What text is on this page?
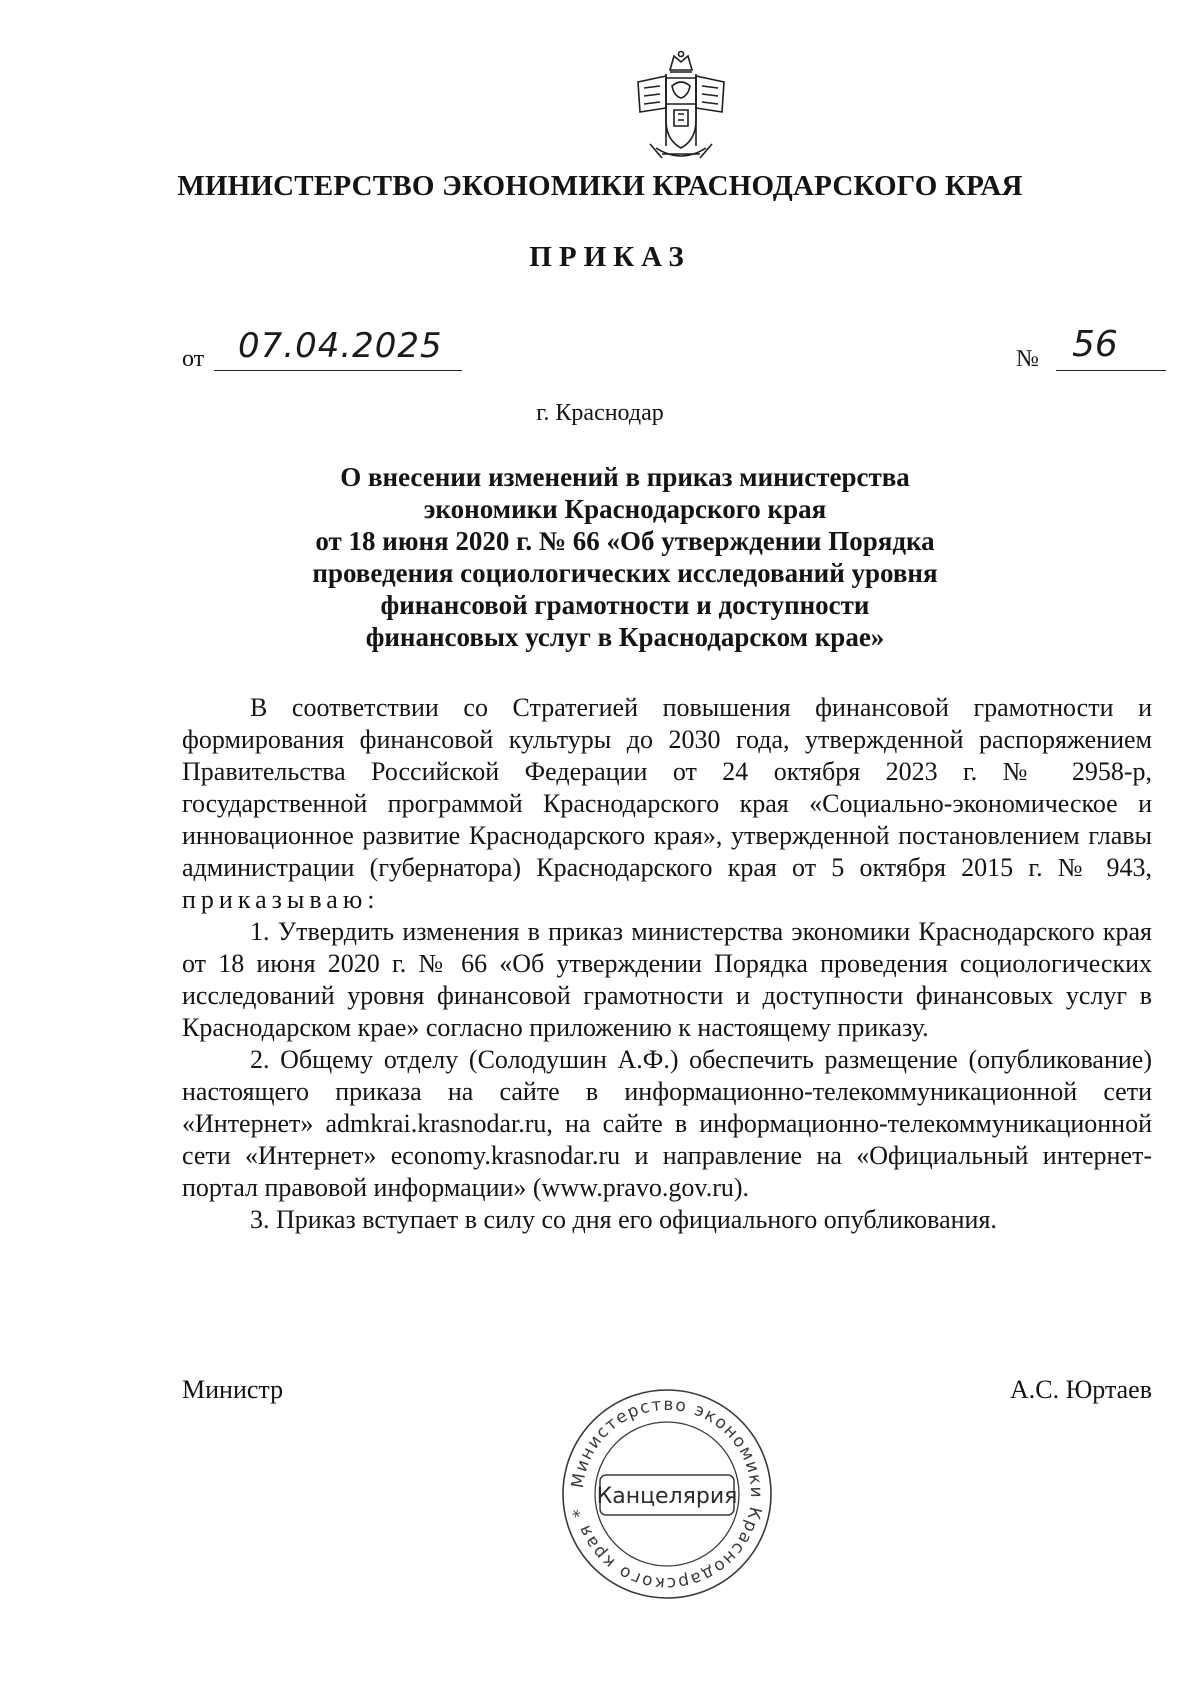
МИНИСТЕРСТВО ЭКОНОМИКИ КРАСНОДАРСКОГО КРАЯ
ПРИКАЗ
от 07.04.2025	№ 56
г. Краснодар
О внесении изменений в приказ министерства
экономики Краснодарского края
от 18 июня 2020 г. № 66 «Об утверждении Порядка
проведения социологических исследований уровня
финансовой грамотности и доступности
финансовых услуг в Краснодарском крае»

В соответствии со Стратегией повышения финансовой грамотности и формирования финансовой культуры до 2030 года, утвержденной распоряжением Правительства Российской Федерации от 24 октября 2023 г. № 2958-р, государственной программой Краснодарского края «Социально-экономическое и инновационное развитие Краснодарского края», утвержденной постановлением главы администрации (губернатора) Краснодарского края от 5 октября 2015 г. № 943, приказываю:

1. Утвердить изменения в приказ министерства экономики Краснодарского края от 18 июня 2020 г. № 66 «Об утверждении Порядка проведения социологических исследований уровня финансовой грамотности и доступности финансовых услуг в Краснодарском крае» согласно приложению к настоящему приказу.

2. Общему отделу (Солодушин А.Ф.) обеспечить размещение (опубликование) настоящего приказа на сайте в информационно-телекоммуникационной сети «Интернет» admkrai.krasnodar.ru, на сайте в информационно-телекоммуникационной сети «Интернет» economy.krasnodar.ru и направление на «Официальный интернет-портал правовой информации» (www.pravo.gov.ru).

3. Приказ вступает в силу со дня его официального опубликования.

Министр	А.С. Юртаев
Министерство экономики Краснодарского края *
Канцелярия
